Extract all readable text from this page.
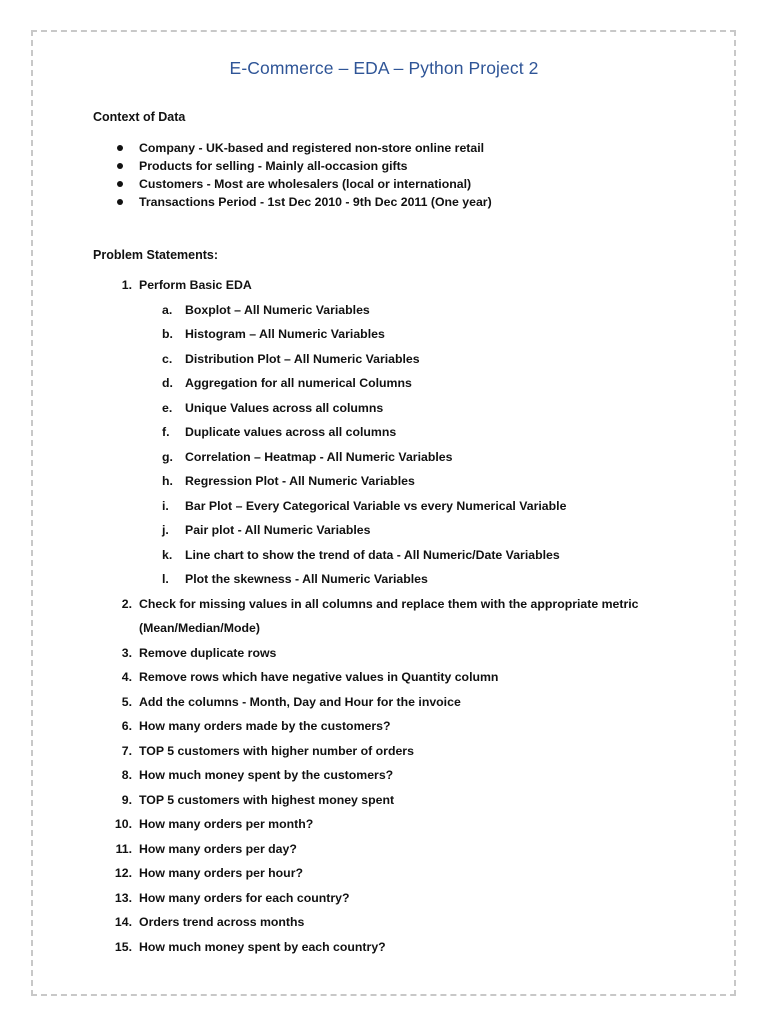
E-Commerce – EDA – Python Project 2
Context of Data
Company - UK-based and registered non-store online retail
Products for selling - Mainly all-occasion gifts
Customers - Most are wholesalers (local or international)
Transactions Period - 1st Dec 2010 - 9th Dec 2011 (One year)
Problem Statements:
1. Perform Basic EDA
a.	Boxplot – All Numeric Variables
b. Histogram – All Numeric Variables
c.	Distribution Plot – All Numeric Variables
d. Aggregation for all numerical Columns
e.	Unique Values across all columns
f.	Duplicate values across all columns
g. Correlation – Heatmap - All Numeric Variables
h. Regression Plot - All Numeric Variables
i.	Bar Plot – Every Categorical Variable vs every Numerical Variable
j.	Pair plot - All Numeric Variables
k.	Line chart to show the trend of data - All Numeric/Date Variables
l.	Plot the skewness - All Numeric Variables
2. Check for missing values in all columns and replace them with the appropriate metric
(Mean/Median/Mode)
3. Remove duplicate rows
4. Remove rows which have negative values in Quantity column
5. Add the columns - Month, Day and Hour for the invoice
6. How many orders made by the customers?
7. TOP 5 customers with higher number of orders
8. How much money spent by the customers?
9. TOP 5 customers with highest money spent
10. How many orders per month?
11. How many orders per day?
12. How many orders per hour?
13. How many orders for each country?
14. Orders trend across months
15. How much money spent by each country?
